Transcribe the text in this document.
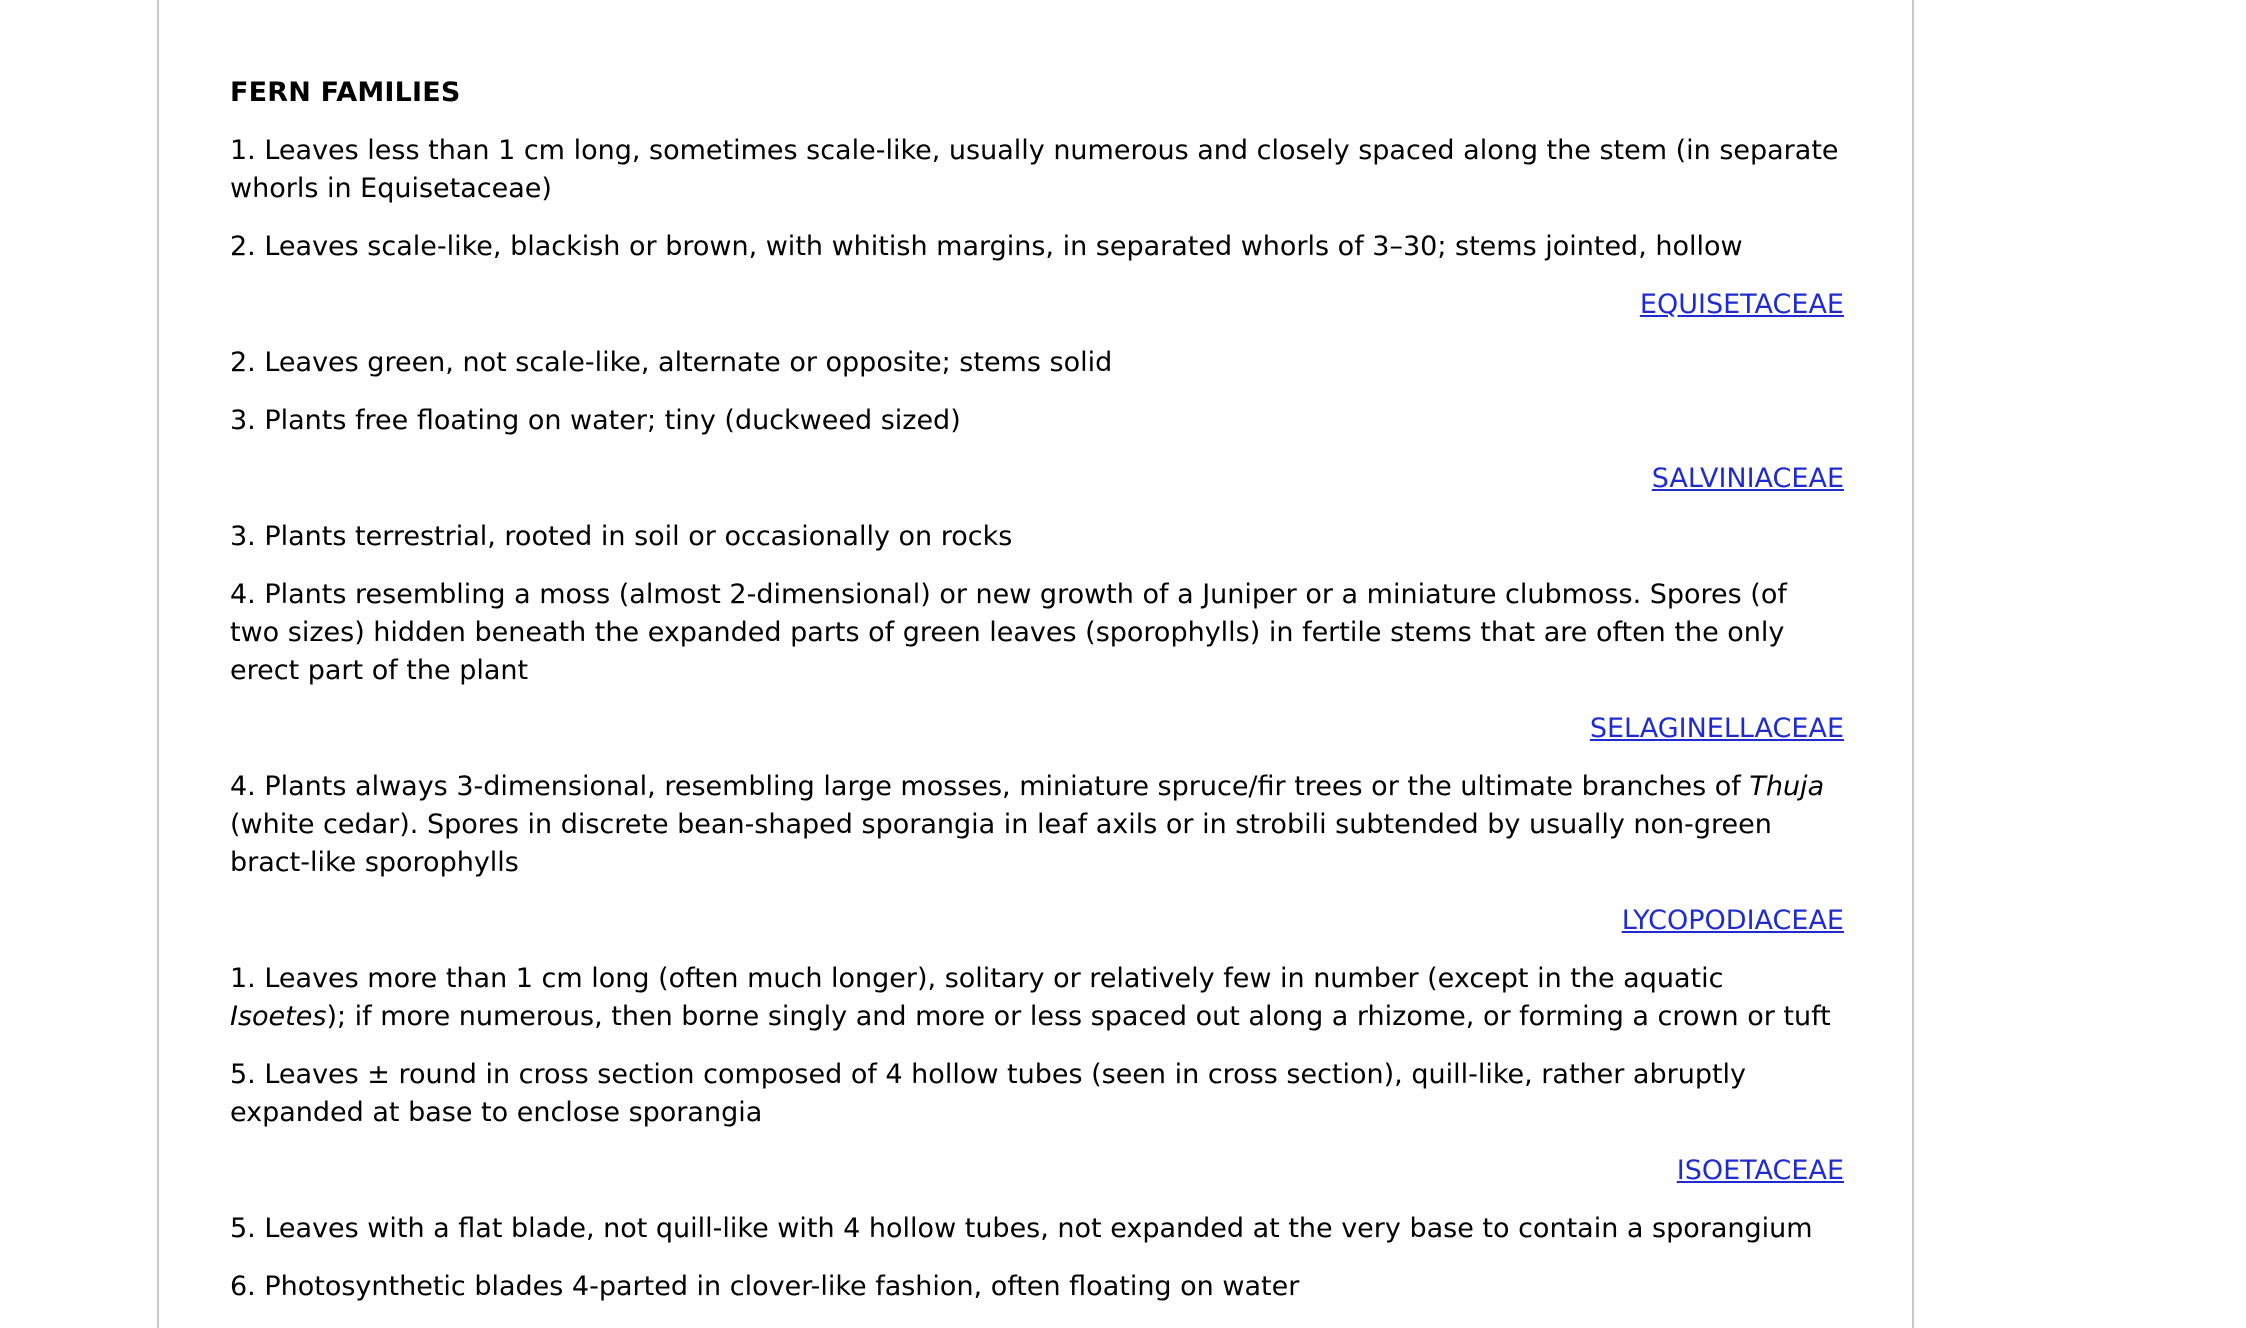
FERN FAMILIES

1. Leaves less than 1 cm long, sometimes scale-like, usually numerous and closely spaced along the stem (in separate whorls in Equisetaceae)

2. Leaves scale-like, blackish or brown, with whitish margins, in separated whorls of 3–30; stems jointed, hollow

EQUISETACEAE

2. Leaves green, not scale-like, alternate or opposite; stems solid

3. Plants free floating on water; tiny (duckweed sized)

SALVINIACEAE

3. Plants terrestrial, rooted in soil or occasionally on rocks

4. Plants resembling a moss (almost 2-dimensional) or new growth of a Juniper or a miniature clubmoss. Spores (of two sizes) hidden beneath the expanded parts of green leaves (sporophylls) in fertile stems that are often the only erect part of the plant

SELAGINELLACEAE

4. Plants always 3-dimensional, resembling large mosses, miniature spruce/fir trees or the ultimate branches of Thuja (white cedar). Spores in discrete bean-shaped sporangia in leaf axils or in strobili subtended by usually non-green bract-like sporophylls

LYCOPODIACEAE

1. Leaves more than 1 cm long (often much longer), solitary or relatively few in number (except in the aquatic Isoetes); if more numerous, then borne singly and more or less spaced out along a rhizome, or forming a crown or tuft

5. Leaves ± round in cross section composed of 4 hollow tubes (seen in cross section), quill-like, rather abruptly expanded at base to enclose sporangia

ISOETACEAE

5. Leaves with a flat blade, not quill-like with 4 hollow tubes, not expanded at the very base to contain a sporangium

6. Photosynthetic blades 4-parted in clover-like fashion, often floating on water
